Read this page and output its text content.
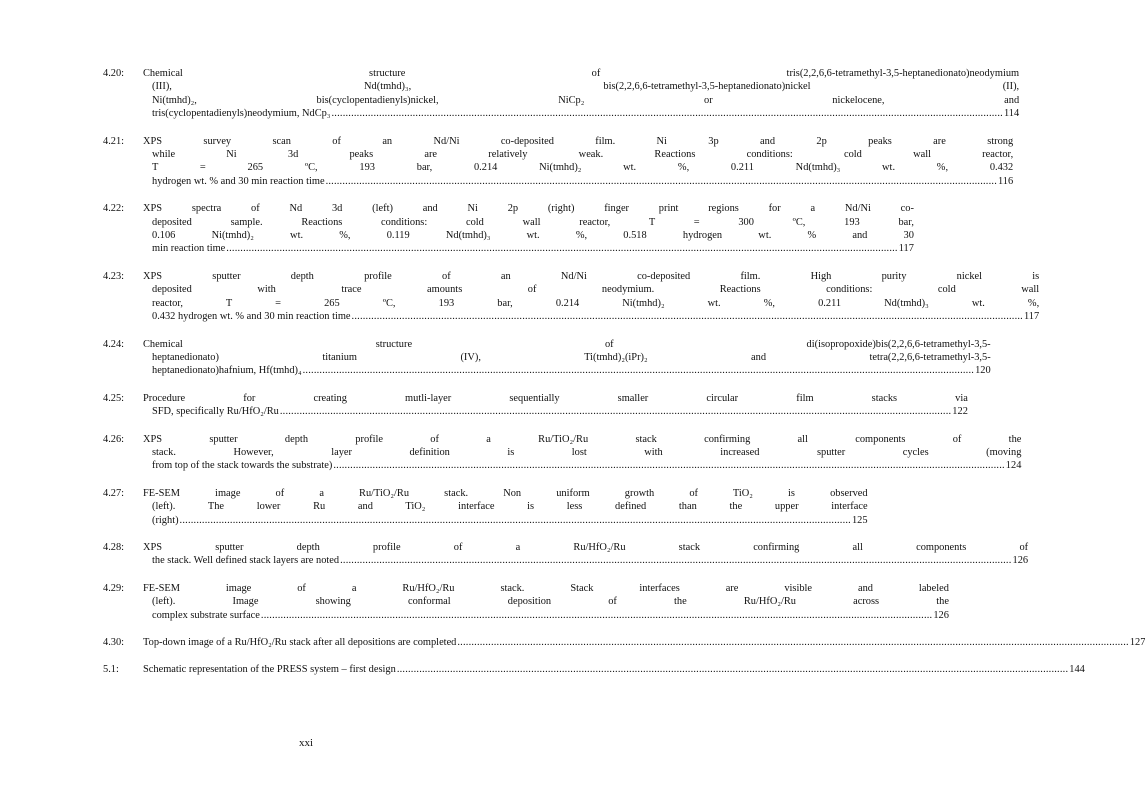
4.20:	Chemical structure of tris(2,2,6,6-tetramethyl-3,5-heptanedionato)neodymium
(III), Nd(tmhd)₃, bis(2,2,6,6-tetramethyl-3,5-heptanedionato)nickel (II),
Ni(tmhd)₂, bis(cyclopentadienyls)nickel, NiCp₂ or nickelocene, and
tris(cyclopentadienyls)neodymium, NdCp₃ .....	114
4.21:	XPS survey scan of an Nd/Ni co-deposited film. Ni 3p and 2p peaks are strong
while Ni 3d peaks are relatively weak. Reactions conditions: cold wall reactor,
T = 265 ºC, 193 bar, 0.214 Ni(tmhd)₂ wt. %, 0.211 Nd(tmhd)₃ wt. %, 0.432
hydrogen wt. % and 30 min reaction time .....	116
4.22:	XPS spectra of Nd 3d (left) and Ni 2p (right) finger print regions for a Nd/Ni co-
deposited sample. Reactions conditions: cold wall reactor, T = 300 ºC, 193 bar,
0.106 Ni(tmhd)₂ wt. %, 0.119 Nd(tmhd)₃ wt. %, 0.518 hydrogen wt. % and 30
min reaction time .....	117
4.23:	XPS sputter depth profile of an Nd/Ni co-deposited film. High purity nickel is
deposited with trace amounts of neodymium. Reactions conditions: cold wall
reactor, T = 265 ºC, 193 bar, 0.214 Ni(tmhd)₂ wt. %, 0.211 Nd(tmhd)₃ wt. %,
0.432 hydrogen wt. % and 30 min reaction time .....	117
4.24:	Chemical structure of di(isopropoxide)bis(2,2,6,6-tetramethyl-3,5-
heptanedionato) titanium (IV), Ti(tmhd)₂(iPr)₂ and tetra(2,2,6,6-tetramethyl-3,5-
heptanedionato)hafnium, Hf(tmhd)₄ .....	120
4.25:	Procedure for creating mutli-layer sequentially smaller circular film stacks via
SFD, specifically Ru/HfO₂/Ru .....	122
4.26:	XPS sputter depth profile of a Ru/TiO₂/Ru stack confirming all components of the
stack. However, layer definition is lost with increased sputter cycles (moving
from top of the stack towards the substrate) .....	124
4.27:	FE-SEM image of a Ru/TiO₂/Ru stack. Non uniform growth of TiO₂ is observed
(left). The lower Ru and TiO₂ interface is less defined than the upper interface
(right) .....	125
4.28:	XPS sputter depth profile of a Ru/HfO₂/Ru stack confirming all components of
the stack. Well defined stack layers are noted .....	126
4.29:	FE-SEM image of a Ru/HfO₂/Ru stack. Stack interfaces are visible and labeled
(left). Image showing conformal deposition of the Ru/HfO₂/Ru across the
complex substrate surface .....	126
4.30:	Top-down image of a Ru/HfO₂/Ru stack after all depositions are completed .....	127
5.1:	Schematic representation of the PRESS system – first design .....	144
xxi
